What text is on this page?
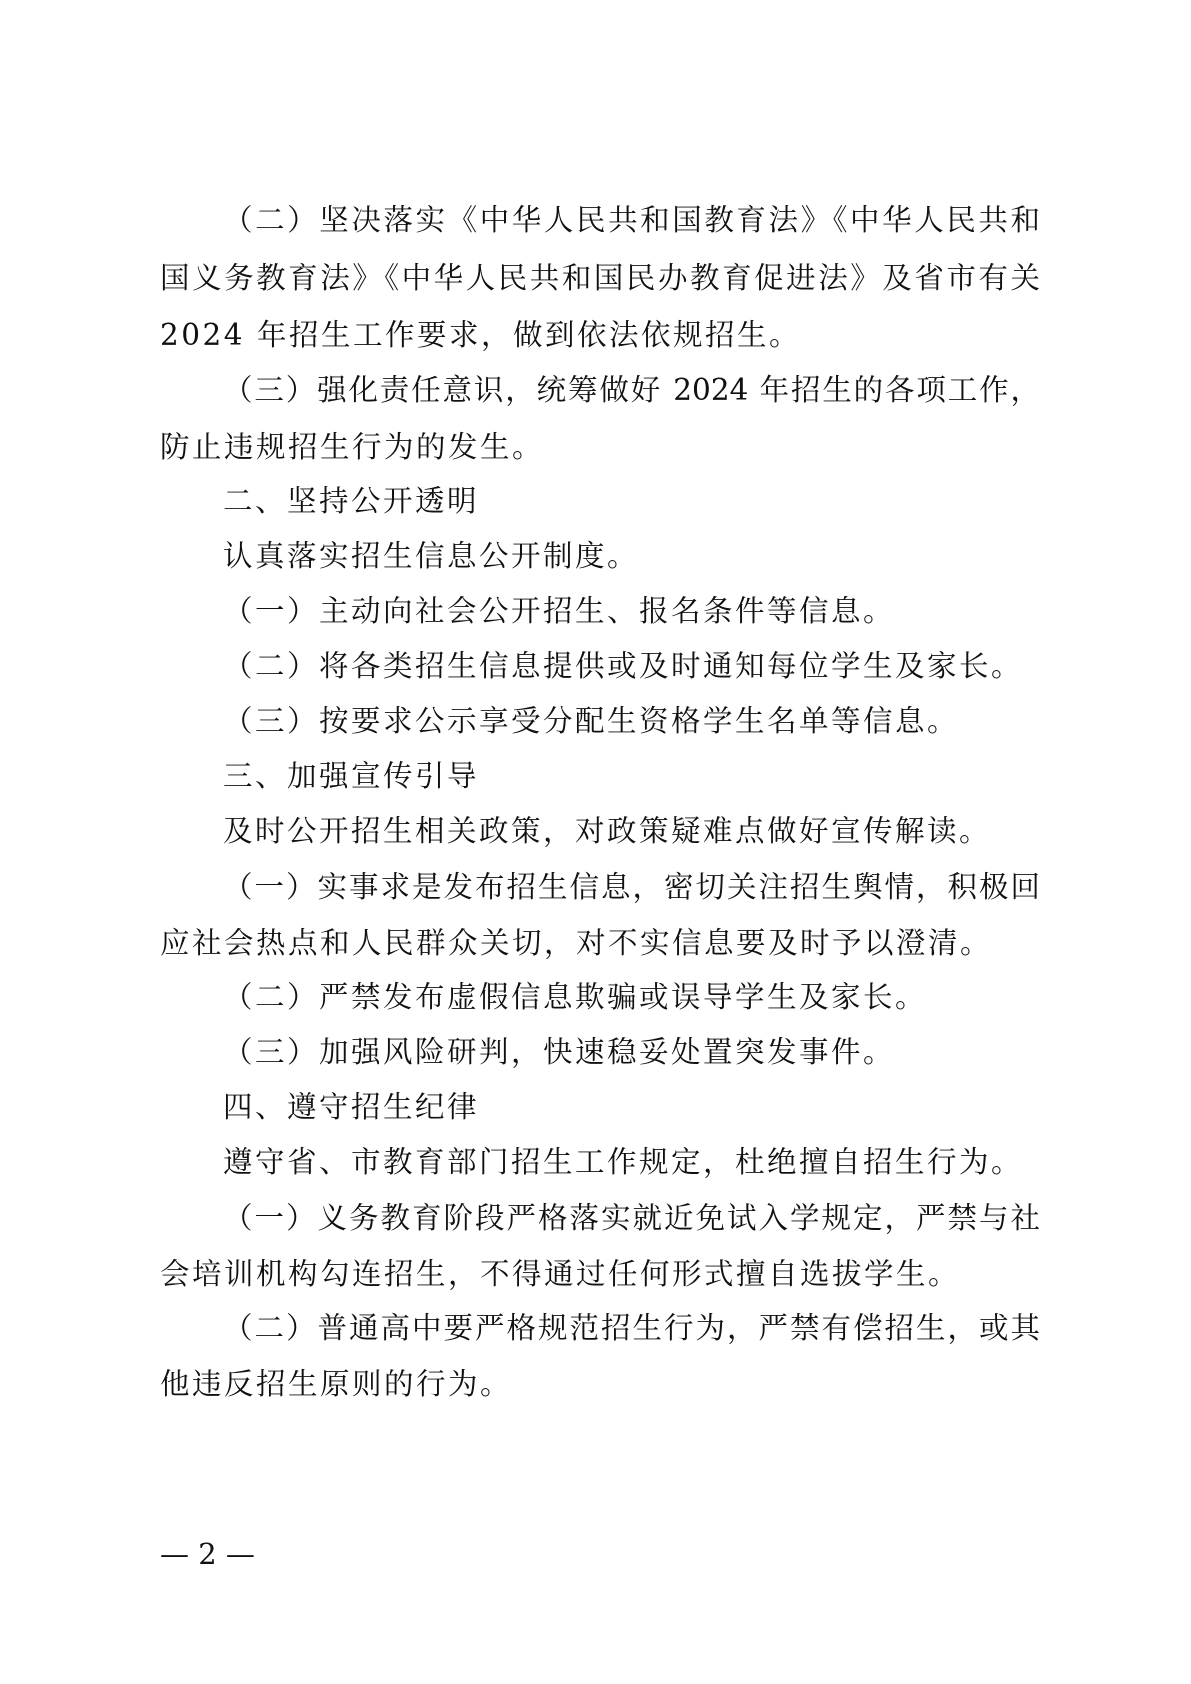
（二）坚决落实《中华人民共和国教育法》《中华人民共和
国义务教育法》《中华人民共和国民办教育促进法》及省市有关
2024 年招生工作要求，做到依法依规招生。
（三）强化责任意识，统筹做好 2024 年招生的各项工作，
防止违规招生行为的发生。
二、坚持公开透明
认真落实招生信息公开制度。
（一）主动向社会公开招生、报名条件等信息。
（二）将各类招生信息提供或及时通知每位学生及家长。
（三）按要求公示享受分配生资格学生名单等信息。
三、加强宣传引导
及时公开招生相关政策，对政策疑难点做好宣传解读。
（一）实事求是发布招生信息，密切关注招生舆情，积极回
应社会热点和人民群众关切，对不实信息要及时予以澄清。
（二）严禁发布虚假信息欺骗或误导学生及家长。
（三）加强风险研判，快速稳妥处置突发事件。
四、遵守招生纪律
遵守省、市教育部门招生工作规定，杜绝擅自招生行为。
（一）义务教育阶段严格落实就近免试入学规定，严禁与社
会培训机构勾连招生，不得通过任何形式擅自选拔学生。
（二）普通高中要严格规范招生行为，严禁有偿招生，或其
他违反招生原则的行为。
— 2 —
